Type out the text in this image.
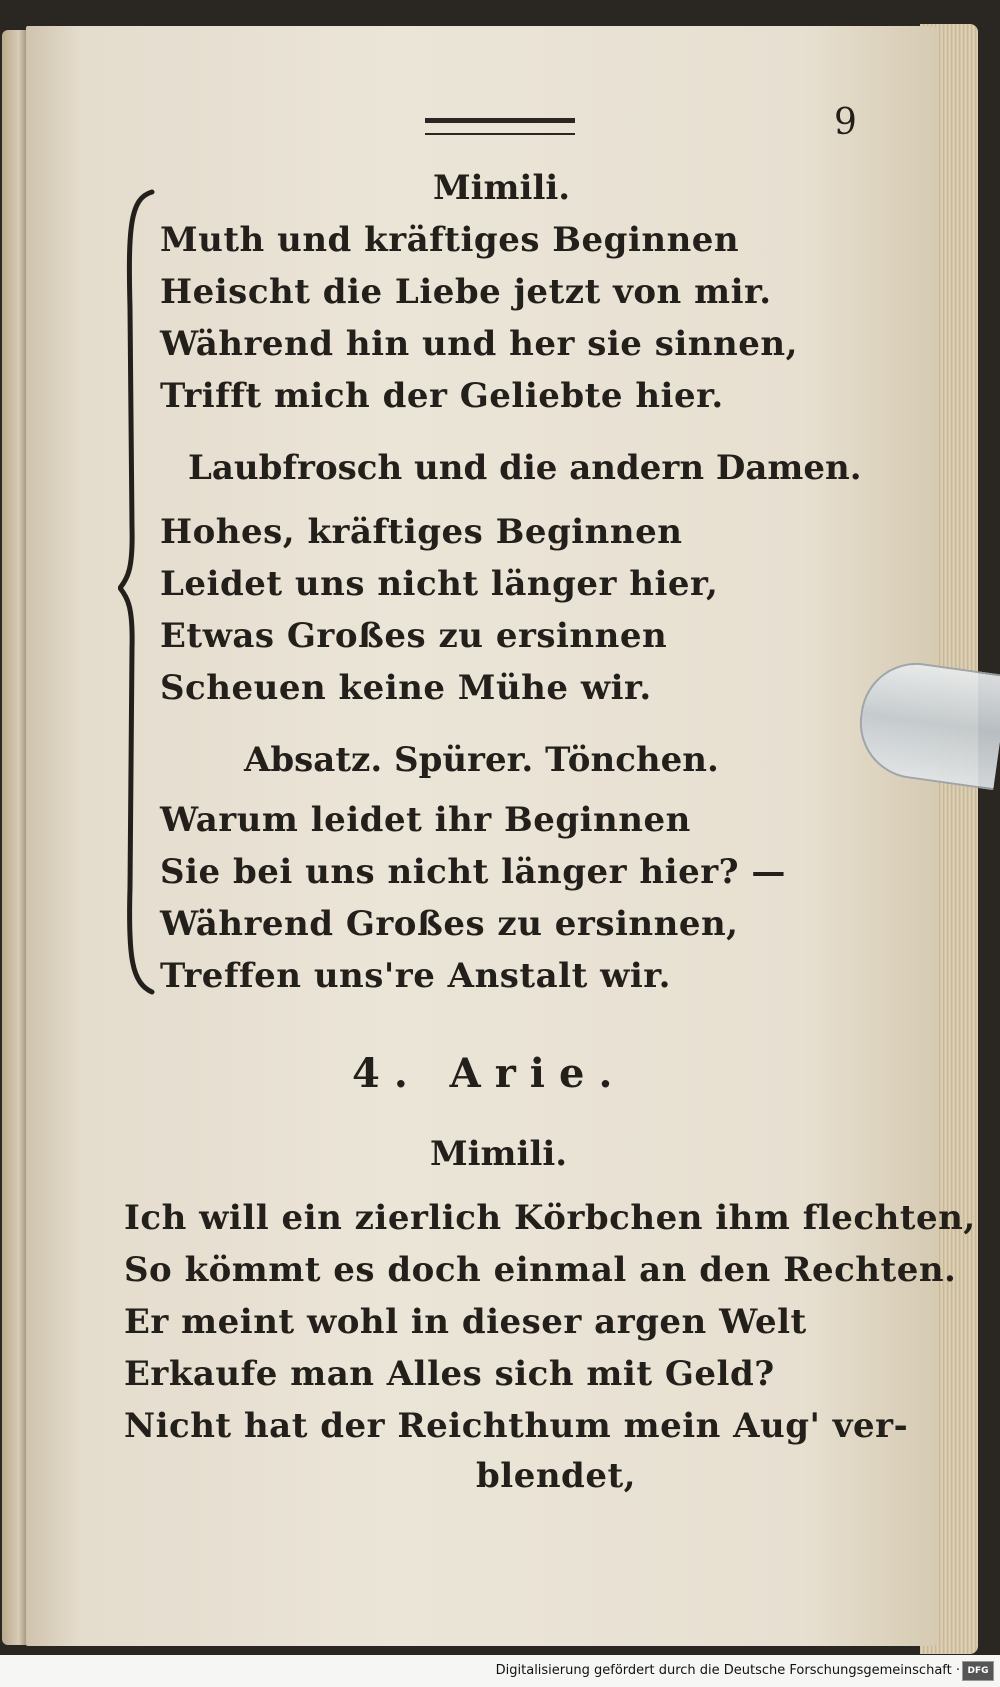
9
Mimili.
Muth und kräftiges Beginnen
Heischt die Liebe jetzt von mir.
Während hin und her sie sinnen,
Trifft mich der Geliebte hier.
Laubfrosch und die andern Damen.
Hohes, kräftiges Beginnen
Leidet uns nicht länger hier,
Etwas Großes zu ersinnen
Scheuen keine Mühe wir.
Absatz. Spürer. Tönchen.
Warum leidet ihr Beginnen
Sie bei uns nicht länger hier? —
Während Großes zu ersinnen,
Treffen uns're Anstalt wir.
4. Arie.
Mimili.
Ich will ein zierlich Körbchen ihm flechten,
So kömmt es doch einmal an den Rechten.
Er meint wohl in dieser argen Welt
Erkaufe man Alles sich mit Geld?
Nicht hat der Reichthum mein Aug' ver-
blendet,
Digitalisierung gefördert durch die Deutsche Forschungsgemeinschaft · DFG
